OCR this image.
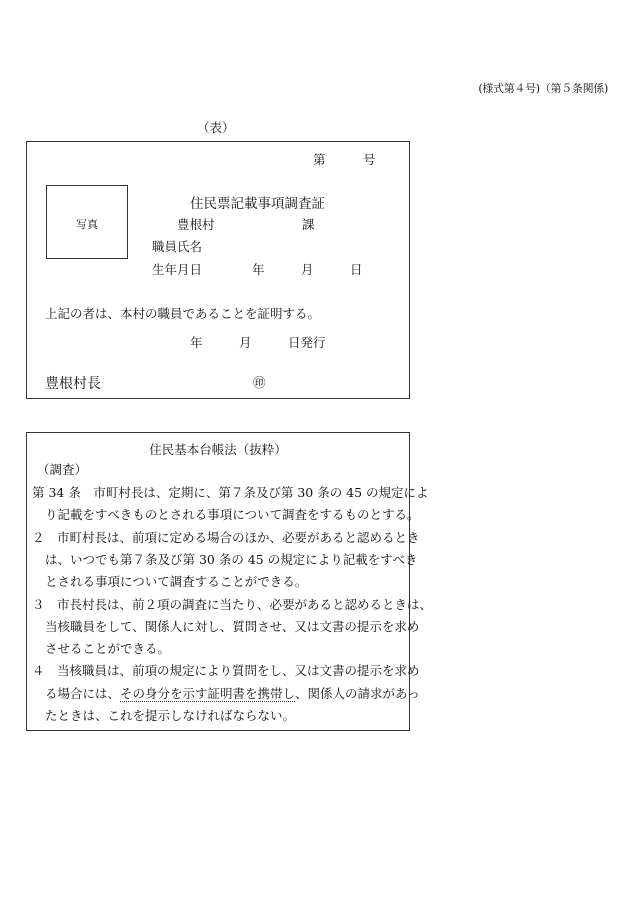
(様式第４号)（第５条関係)
（表）
第	号
写真
住民票記載事項調査証
豊根村	課
職員氏名
生年月日	年	月	日
上記の者は、本村の職員であることを証明する。
年	月	日発行
豊根村長	㊞
住民基本台帳法（抜粋）
（調査）
第 34 条　市町村長は、定期に、第７条及び第 30 条の 45 の規定によ
り記載をすべきものとされる事項について調査をするものとする。
２　市町村長は、前項に定める場合のほか、必要があると認めるとき
は、いつでも第７条及び第 30 条の 45 の規定により記載をすべき
とされる事項について調査することができる。
３　市長村長は、前２項の調査に当たり、必要があると認めるときは、
当核職員をして、関係人に対し、質問させ、又は文書の提示を求め
させることができる。
４　当核職員は、前項の規定により質問をし、又は文書の提示を求め
る場合には、その身分を示す証明書を携帯し、関係人の請求があっ
たときは、これを提示しなければならない。
